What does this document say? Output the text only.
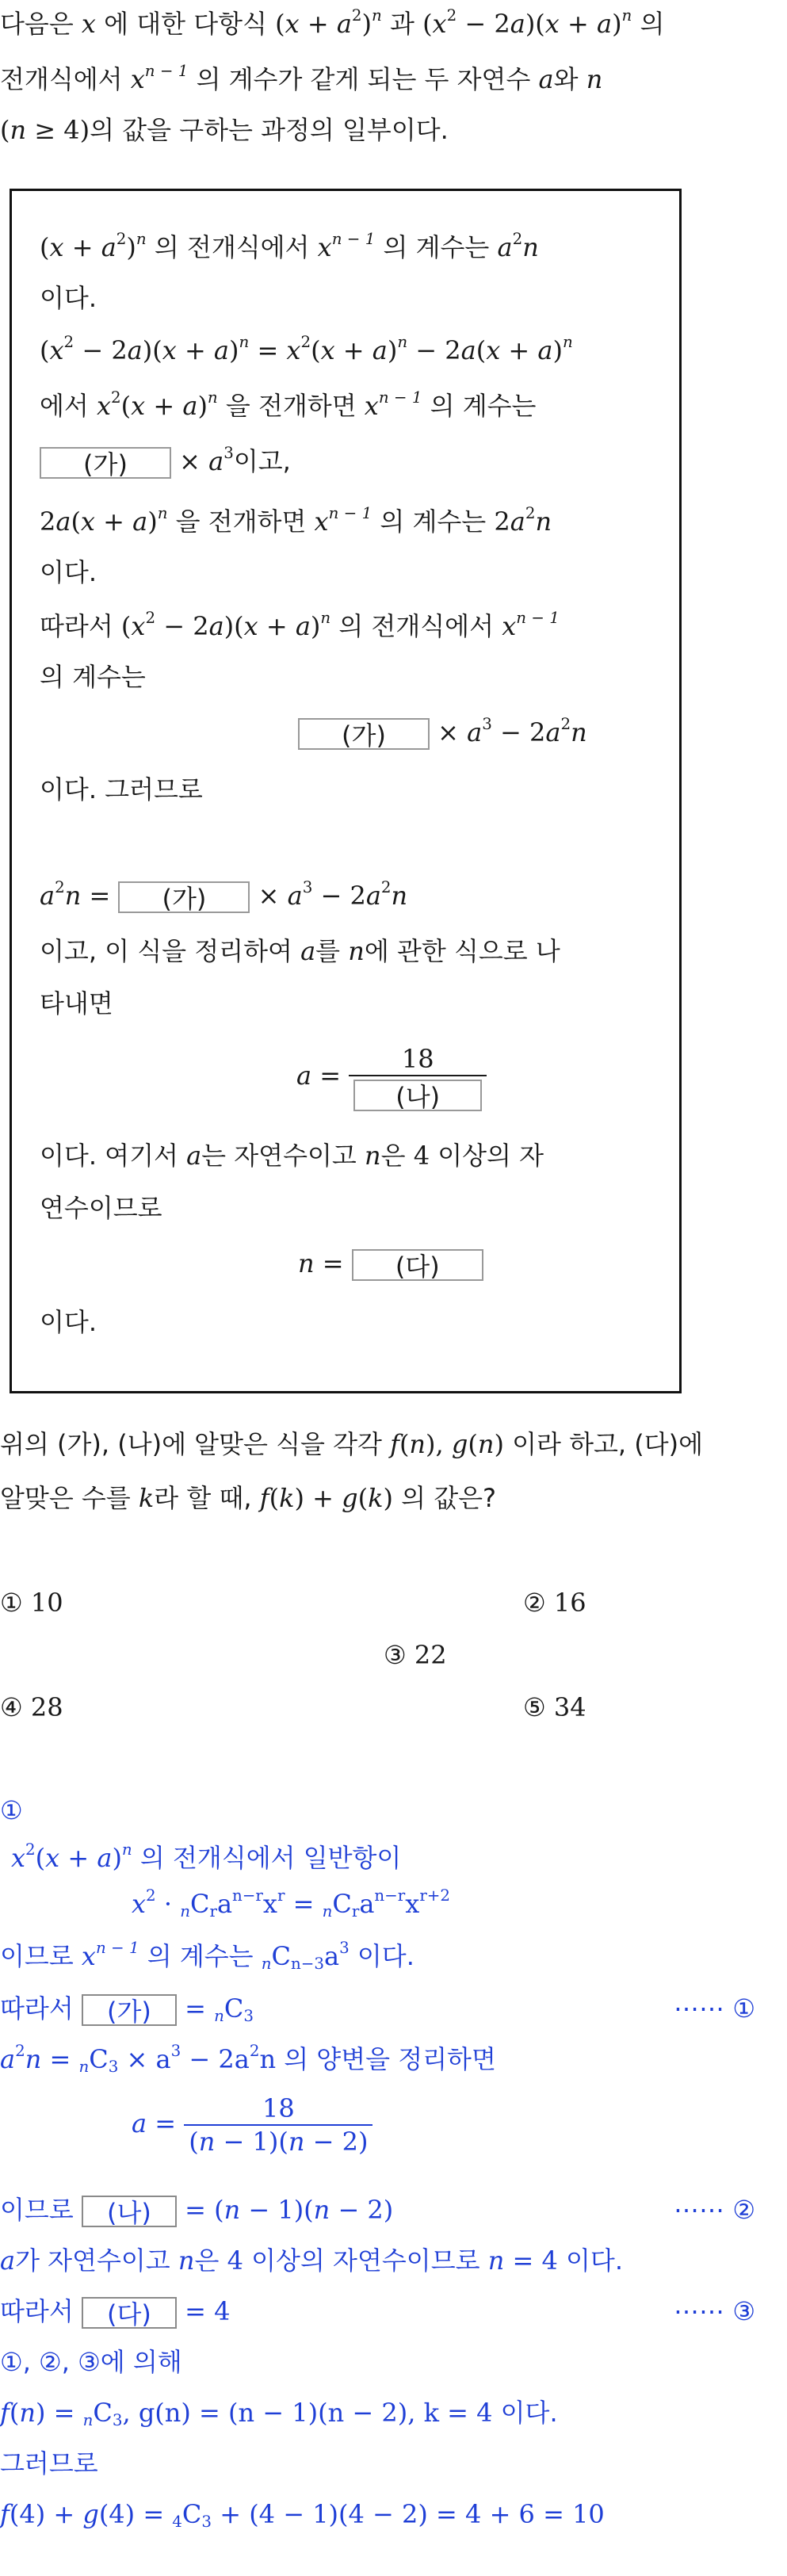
다음은 x 에 대한 다항식 $(x + a^2)^n$ 과 $(x^2 - 2a)(x + a)^n$ 의
전개식에서 $x^{n - 1}$ 의 계수가 같게 되는 두 자연수 a와 n
(n ≥ 4)의 값을 구하는 과정의 일부이다.
$(x + a^2)^n$ 의 전개식에서 $x^{n - 1}$ 의 계수는 $a^2n$
이다.
$(x^2 - 2a)(x + a)^n = x^2(x + a)^n - 2a(x + a)^n$
에서 $x^2(x + a)^n$ 을 전개하면 $x^{n - 1}$ 의 계수는
(가) × $a^3$이고,
$2a(x + a)^n$ 을 전개하면 $x^{n - 1}$ 의 계수는 $2a^2n$
이다.
따라서 $(x^2 - 2a)(x + a)^n$ 의 전개식에서 $x^{n - 1}$
의 계수는
(가) × $a^3 - 2a^2n$
이다. 그러므로
$a^2n$ = (가) × $a^3 - 2a^2n$
이고, 이 식을 정리하여 a를 n에 관한 식으로 나
타내면
$a = \frac{18}{\text{(나)}}$
이다. 여기서 a는 자연수이고 n은 4 이상의 자
연수이므로
n = (다)
이다.
위의 (가), (나)에 알맞은 식을 각각 f(n), g(n) 이라 하고, (다)에
알맞은 수를 k라 할 때, f(k) + g(k) 의 값은?
① 10	② 16
③ 22
④ 28	⑤ 34
①
$x^2(x + a)^n$ 의 전개식에서 일반항이
$x^2 \cdot _nC_ra^{n-r}x^r = _nC_ra^{n-r}x^{r+2}$
이므로 $x^{n - 1}$ 의 계수는 $_nC_{n-3}a^3$ 이다.
따라서 (가) = $_nC_3$	⋯⋯ ①
$a^2n = _nC_3 \times a^3 - 2a^2n$ 의 양변을 정리하면
$a = \frac{18}{(n - 1)(n - 2)}$
이므로 (나) = (n − 1)(n − 2)	⋯⋯ ②
a가 자연수이고 n은 4 이상의 자연수이므로 n = 4 이다.
따라서 (다) = 4	⋯⋯ ③
①, ②, ③에 의해
$f(n) = _nC_3$, g(n) = (n − 1)(n − 2), k = 4 이다.
그러므로
$f(4) + g(4) = _4C_3 + (4 - 1)(4 - 2) = 4 + 6 = 10$
